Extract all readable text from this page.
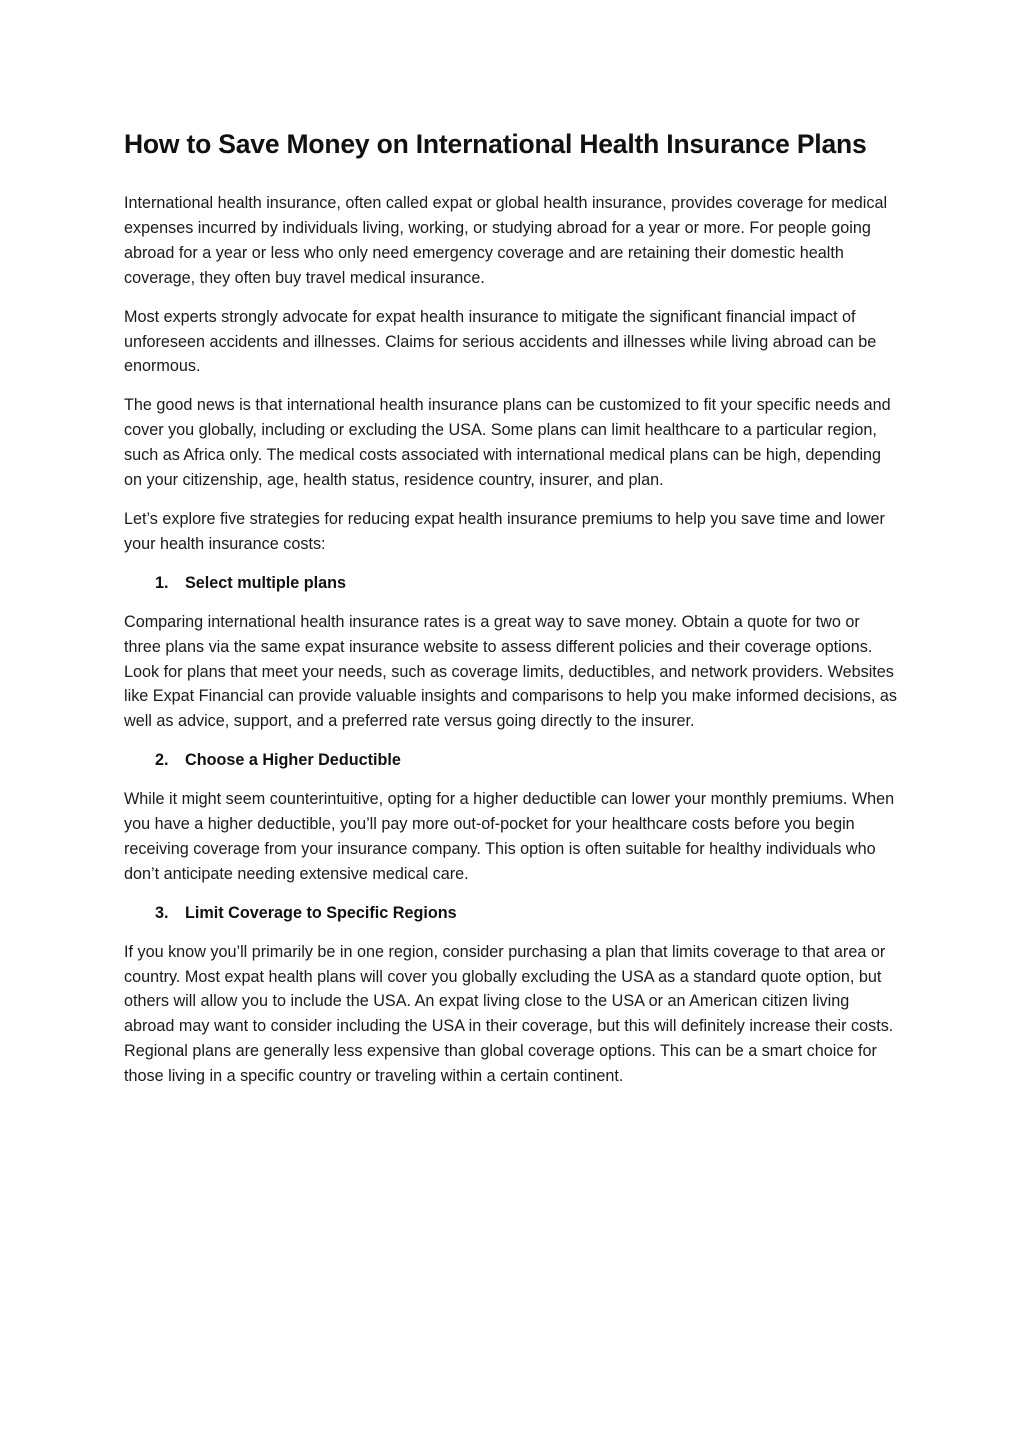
How to Save Money on International Health Insurance Plans

International health insurance, often called expat or global health insurance, provides coverage for medical expenses incurred by individuals living, working, or studying abroad for a year or more. For people going abroad for a year or less who only need emergency coverage and are retaining their domestic health coverage, they often buy travel medical insurance.

Most experts strongly advocate for expat health insurance to mitigate the significant financial impact of unforeseen accidents and illnesses. Claims for serious accidents and illnesses while living abroad can be enormous.

The good news is that international health insurance plans can be customized to fit your specific needs and cover you globally, including or excluding the USA. Some plans can limit healthcare to a particular region, such as Africa only. The medical costs associated with international medical plans can be high, depending on your citizenship, age, health status, residence country, insurer, and plan.

Let’s explore five strategies for reducing expat health insurance premiums to help you save time and lower your health insurance costs:

1.	Select multiple plans

Comparing international health insurance rates is a great way to save money. Obtain a quote for two or three plans via the same expat insurance website to assess different policies and their coverage options. Look for plans that meet your needs, such as coverage limits, deductibles, and network providers. Websites like Expat Financial can provide valuable insights and comparisons to help you make informed decisions, as well as advice, support, and a preferred rate versus going directly to the insurer.

2.	Choose a Higher Deductible

While it might seem counterintuitive, opting for a higher deductible can lower your monthly premiums. When you have a higher deductible, you’ll pay more out-of-pocket for your healthcare costs before you begin receiving coverage from your insurance company. This option is often suitable for healthy individuals who don’t anticipate needing extensive medical care.

3.	Limit Coverage to Specific Regions

If you know you’ll primarily be in one region, consider purchasing a plan that limits coverage to that area or country. Most expat health plans will cover you globally excluding the USA as a standard quote option, but others will allow you to include the USA. An expat living close to the USA or an American citizen living abroad may want to consider including the USA in their coverage, but this will definitely increase their costs. Regional plans are generally less expensive than global coverage options. This can be a smart choice for those living in a specific country or traveling within a certain continent.
